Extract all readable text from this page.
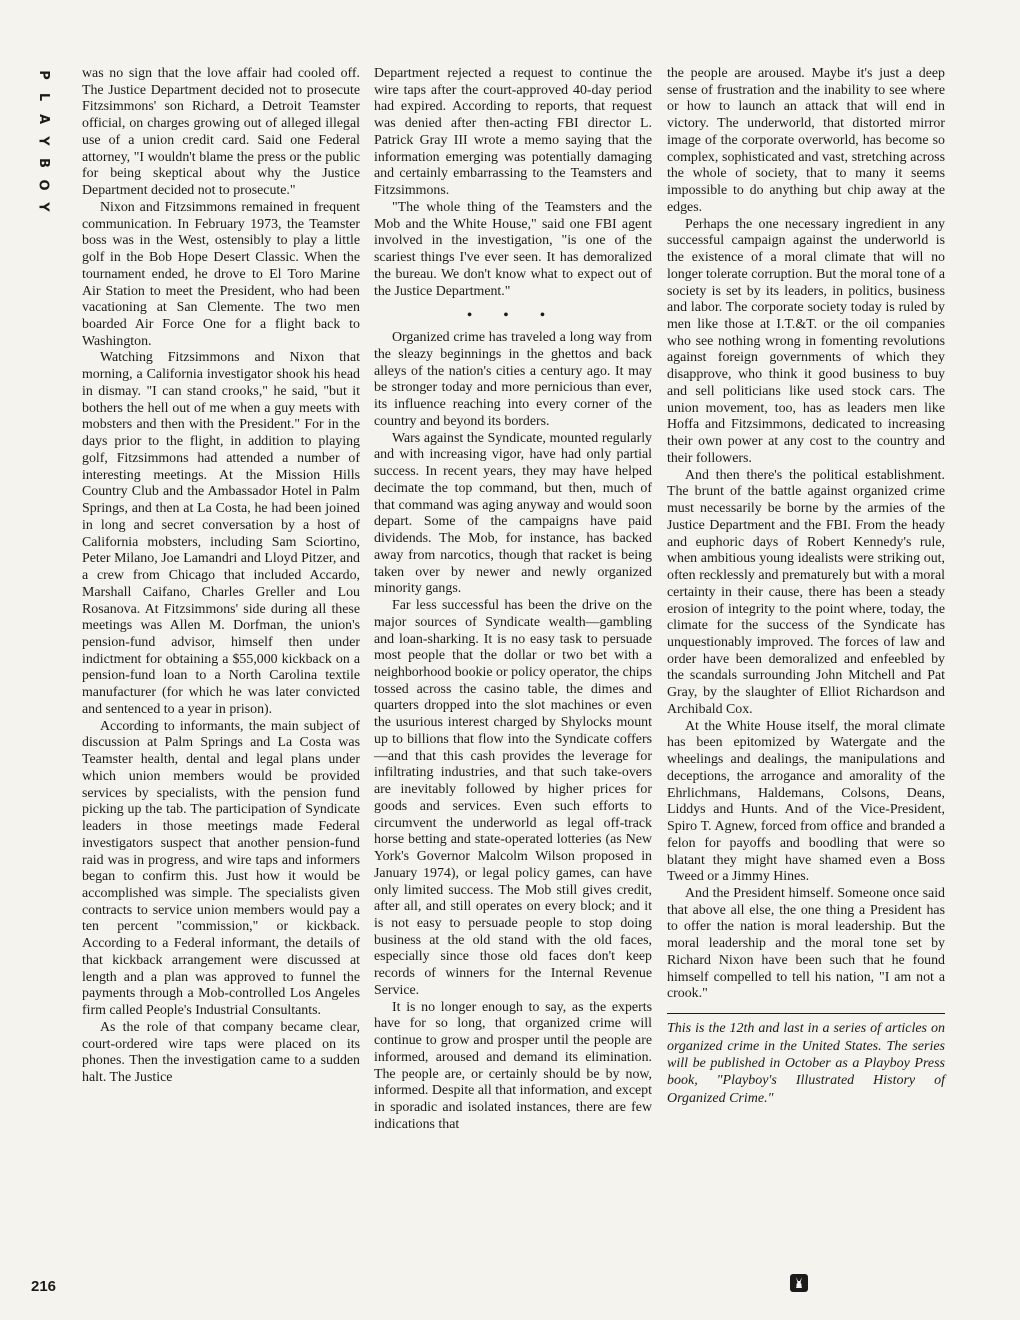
P
L
A
Y
B
O
Y

was no sign that the love affair had cooled off. The Justice Department decided not to prosecute Fitzsimmons' son Richard, a Detroit Teamster official, on charges growing out of alleged illegal use of a union credit card. Said one Federal attorney, "I wouldn't blame the press or the public for being skeptical about why the Justice Department decided not to prosecute."

Nixon and Fitzsimmons remained in frequent communication. In February 1973, the Teamster boss was in the West, ostensibly to play a little golf in the Bob Hope Desert Classic. When the tournament ended, he drove to El Toro Marine Air Station to meet the President, who had been vacationing at San Clemente. The two men boarded Air Force One for a flight back to Washington.

Watching Fitzsimmons and Nixon that morning, a California investigator shook his head in dismay. "I can stand crooks," he said, "but it bothers the hell out of me when a guy meets with mobsters and then with the President." For in the days prior to the flight, in addition to playing golf, Fitzsimmons had attended a number of interesting meetings. At the Mission Hills Country Club and the Ambassador Hotel in Palm Springs, and then at La Costa, he had been joined in long and secret conversation by a host of California mobsters, including Sam Sciortino, Peter Milano, Joe Lamandri and Lloyd Pitzer, and a crew from Chicago that included Accardo, Marshall Caifano, Charles Greller and Lou Rosanova. At Fitzsimmons' side during all these meetings was Allen M. Dorfman, the union's pension-fund advisor, himself then under indictment for obtaining a $55,000 kickback on a pension-fund loan to a North Carolina textile manufacturer (for which he was later convicted and sentenced to a year in prison).

According to informants, the main subject of discussion at Palm Springs and La Costa was Teamster health, dental and legal plans under which union members would be provided services by specialists, with the pension fund picking up the tab. The participation of Syndicate leaders in those meetings made Federal investigators suspect that another pension-fund raid was in progress, and wire taps and informers began to confirm this. Just how it would be accomplished was simple. The specialists given contracts to service union members would pay a ten percent "commission," or kickback. According to a Federal informant, the details of that kickback arrangement were discussed at length and a plan was approved to funnel the payments through a Mob-controlled Los Angeles firm called People's Industrial Consultants.

As the role of that company became clear, court-ordered wire taps were placed on its phones. Then the investigation came to a sudden halt. The Justice

Department rejected a request to continue the wire taps after the court-approved 40-day period had expired. According to reports, that request was denied after then-acting FBI director L. Patrick Gray III wrote a memo saying that the information emerging was potentially damaging and certainly embarrassing to the Teamsters and Fitzsimmons.

"The whole thing of the Teamsters and the Mob and the White House," said one FBI agent involved in the investigation, "is one of the scariest things I've ever seen. It has demoralized the bureau. We don't know what to expect out of the Justice Department."

• • •

Organized crime has traveled a long way from the sleazy beginnings in the ghettos and back alleys of the nation's cities a century ago. It may be stronger today and more pernicious than ever, its influence reaching into every corner of the country and beyond its borders.

Wars against the Syndicate, mounted regularly and with increasing vigor, have had only partial success. In recent years, they may have helped decimate the top command, but then, much of that command was aging anyway and would soon depart. Some of the campaigns have paid dividends. The Mob, for instance, has backed away from narcotics, though that racket is being taken over by newer and newly organized minority gangs.

Far less successful has been the drive on the major sources of Syndicate wealth—gambling and loan-sharking. It is no easy task to persuade most people that the dollar or two bet with a neighborhood bookie or policy operator, the chips tossed across the casino table, the dimes and quarters dropped into the slot machines or even the usurious interest charged by Shylocks mount up to billions that flow into the Syndicate coffers—and that this cash provides the leverage for infiltrating industries, and that such take-overs are inevitably followed by higher prices for goods and services. Even such efforts to circumvent the underworld as legal off-track horse betting and state-operated lotteries (as New York's Governor Malcolm Wilson proposed in January 1974), or legal policy games, can have only limited success. The Mob still gives credit, after all, and still operates on every block; and it is not easy to persuade people to stop doing business at the old stand with the old faces, especially since those old faces don't keep records of winners for the Internal Revenue Service.

It is no longer enough to say, as the experts have for so long, that organized crime will continue to grow and prosper until the people are informed, aroused and demand its elimination. The people are, or certainly should be by now, informed. Despite all that information, and except in sporadic and isolated instances, there are few indications that

the people are aroused. Maybe it's just a deep sense of frustration and the inability to see where or how to launch an attack that will end in victory. The underworld, that distorted mirror image of the corporate overworld, has become so complex, sophisticated and vast, stretching across the whole of society, that to many it seems impossible to do anything but chip away at the edges.

Perhaps the one necessary ingredient in any successful campaign against the underworld is the existence of a moral climate that will no longer tolerate corruption. But the moral tone of a society is set by its leaders, in politics, business and labor. The corporate society today is ruled by men like those at I.T.&T. or the oil companies who see nothing wrong in fomenting revolutions against foreign governments of which they disapprove, who think it good business to buy and sell politicians like used stock cars. The union movement, too, has as leaders men like Hoffa and Fitzsimmons, dedicated to increasing their own power at any cost to the country and their followers.

And then there's the political establishment. The brunt of the battle against organized crime must necessarily be borne by the armies of the Justice Department and the FBI. From the heady and euphoric days of Robert Kennedy's rule, when ambitious young idealists were striking out, often recklessly and prematurely but with a moral certainty in their cause, there has been a steady erosion of integrity to the point where, today, the climate for the success of the Syndicate has unquestionably improved. The forces of law and order have been demoralized and enfeebled by the scandals surrounding John Mitchell and Pat Gray, by the slaughter of Elliot Richardson and Archibald Cox.

At the White House itself, the moral climate has been epitomized by Watergate and the wheelings and dealings, the manipulations and deceptions, the arrogance and amorality of the Ehrlichmans, Haldemans, Colsons, Deans, Liddys and Hunts. And of the Vice-President, Spiro T. Agnew, forced from office and branded a felon for payoffs and boodling that were so blatant they might have shamed even a Boss Tweed or a Jimmy Hines.

And the President himself. Someone once said that above all else, the one thing a President has to offer the nation is moral leadership. But the moral leadership and the moral tone set by Richard Nixon have been such that he found himself compelled to tell his nation, "I am not a crook."

This is the 12th and last in a series of articles on organized crime in the United States. The series will be published in October as a Playboy Press book, "Playboy's Illustrated History of Organized Crime."

216
